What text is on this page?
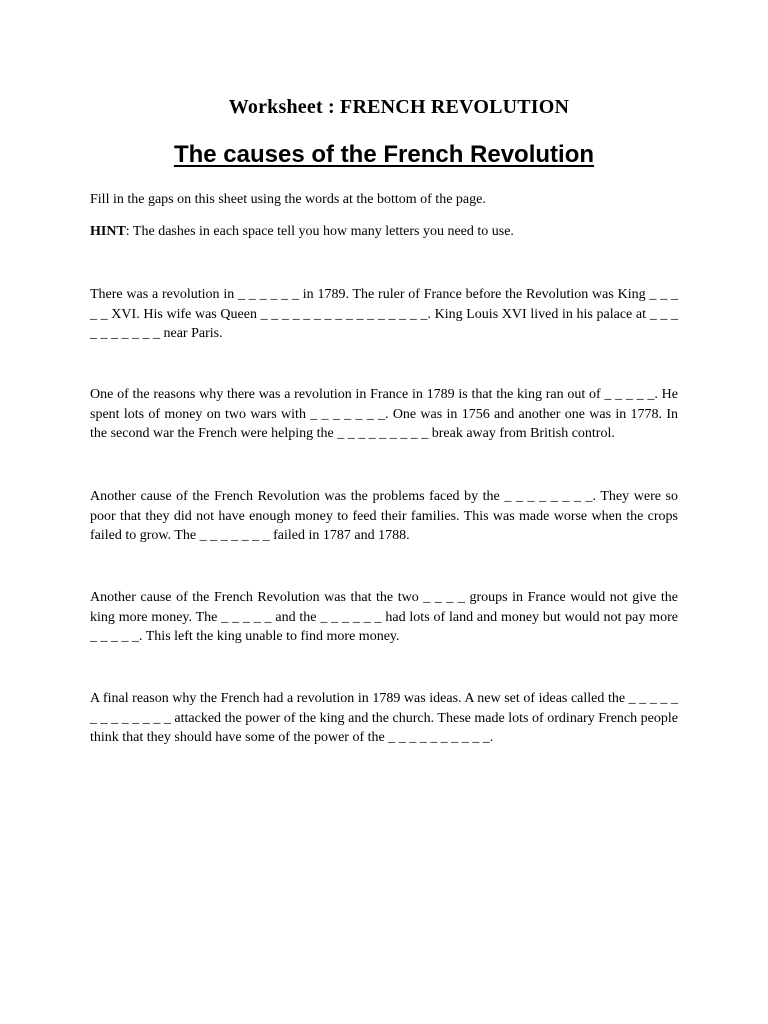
Worksheet : FRENCH REVOLUTION
The causes of the French Revolution

Fill in the gaps on this sheet using the words at the bottom of the page.

HINT: The dashes in each space tell you how many letters you need to use.

There was a revolution in _ _ _ _ _ _ in 1789. The ruler of France before the Revolution was King _ _ _ _ _ XVI. His wife was Queen _ _ _ _ _ _ _ _ _ _ _ _ _ _ _ _. King Louis XVI lived in his palace at _ _ _ _ _ _ _ _ _ _ near Paris.

One of the reasons why there was a revolution in France in 1789 is that the king ran out of _ _ _ _ _. He spent lots of money on two wars with _ _ _ _ _ _ _. One was in 1756 and another one was in 1778. In the second war the French were helping the _ _ _ _ _ _ _ _ _ break away from British control.

Another cause of the French Revolution was the problems faced by the _ _ _ _ _ _ _ _. They were so poor that they did not have enough money to feed their families. This was made worse when the crops failed to grow. The _ _ _ _ _ _ _ failed in 1787 and 1788.

Another cause of the French Revolution was that the two _ _ _ _ groups in France would not give the king more money. The _ _ _ _ _ and the _ _ _ _ _ _ had lots of land and money but would not pay more _ _ _ _ _. This left the king unable to find more money.

A final reason why the French had a revolution in 1789 was ideas. A new set of ideas called the _ _ _ _ _ _ _ _ _ _ _ _ _ attacked the power of the king and the church. These made lots of ordinary French people think that they should have some of the power of the _ _ _ _ _ _ _ _ _ _.
